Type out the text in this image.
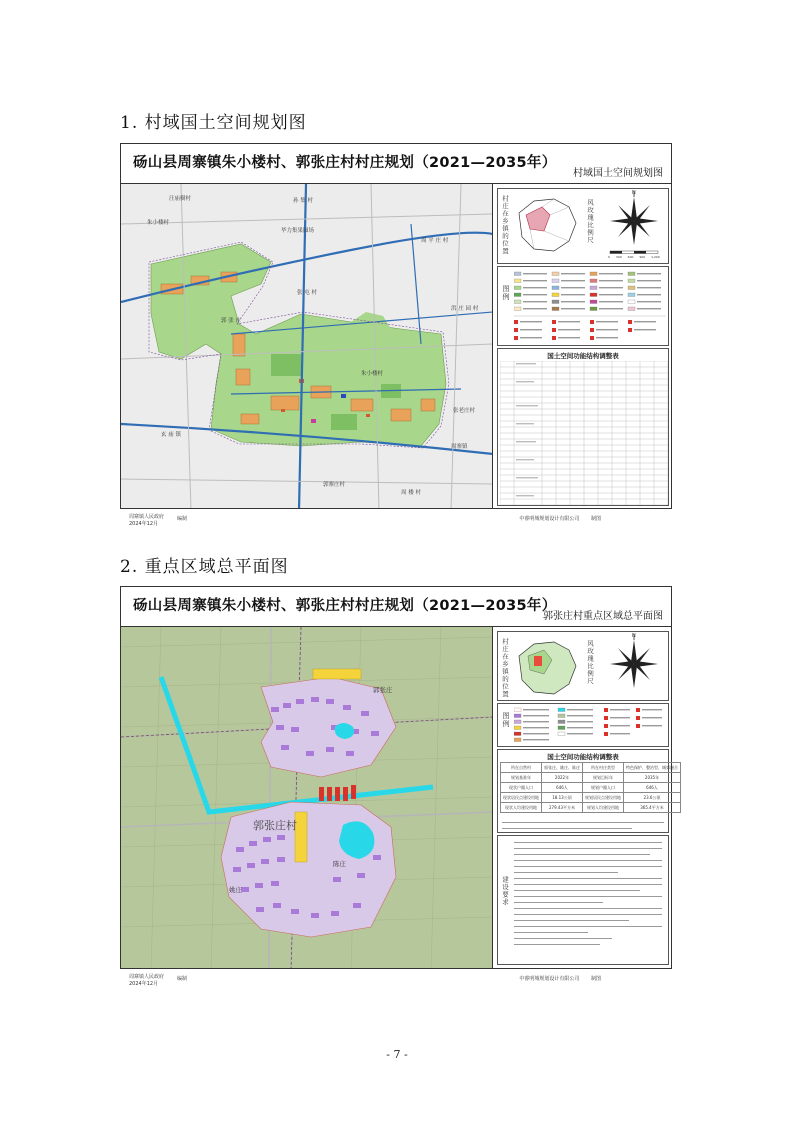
1. 村域国土空间规划图
砀山县周寨镇朱小楼村、郭张庄村村庄规划（2021—2035年）
村域国土空间规划图
汪庙樹村	孙 集 村
朱小楼村
毕力集果园场
周 平 庄 村
张 屯 村
洪 庄 园 村
郭 张 庄
朱小楼村
张老庄村
玄 庙 镇
周寨镇
郭寨庄村
周 楼 村
村庄在乡镇的位置	风玫瑰比例尺
N
0 300 600 900 1,200
图例
国土空间功能结构调整表
周寨镇人民政府
2024年12月
编制	中睿明城规划设计有限公司 制图
2. 重点区域总平面图
砀山县周寨镇朱小楼村、郭张庄村村庄规划（2021—2035年）
郭张庄村重点区域总平面图
郭张庄村
郭张庄
姚庄
陈庄
村庄在乡镇的位置	风玫瑰比例尺
N
图例
国土空间功能结构调整表
所在自然村	郭张庄、姚庄、陈庄	所在村庄类型	特色保护、整治型、城郊融合
规划基准年	2022年	规划目标年	2035年
现状户籍人口	646人	规划户籍人口	646人
现状居民点建设用地	18.13公顷	规划居民点建设用地	23.6公顷
现状人均建设用地	279.43平方米	规划人均建设用地	365.4平方米
建设要求
周寨镇人民政府
2024年12月
编制	中睿明城规划设计有限公司 制图
- 7 -
